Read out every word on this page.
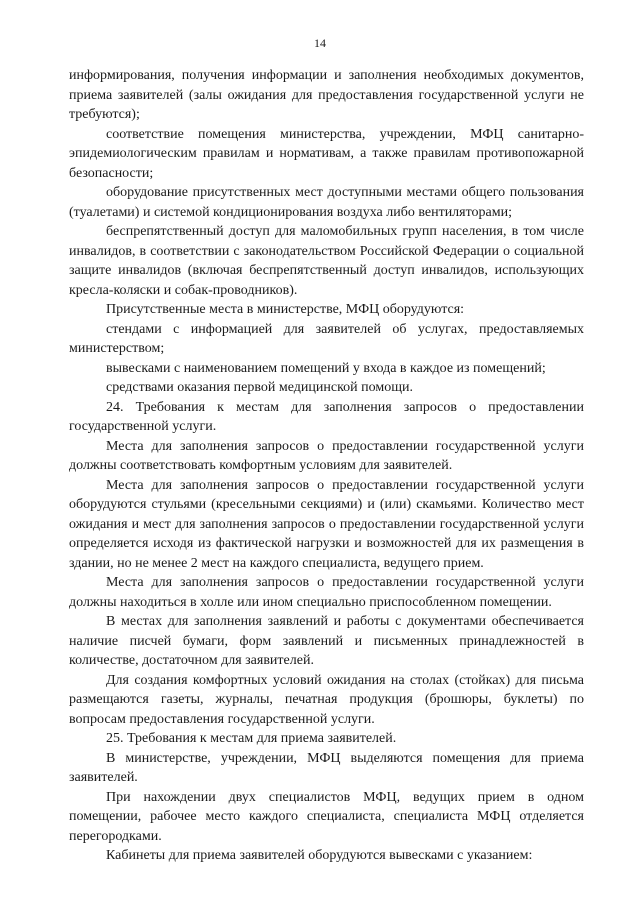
14

информирования, получения информации и заполнения необходимых документов, приема заявителей (залы ожидания для предоставления государственной услуги не требуются);

соответствие помещения министерства, учреждении, МФЦ санитарно-эпидемиологическим правилам и нормативам, а также правилам противопожарной безопасности;

оборудование присутственных мест доступными местами общего пользования (туалетами) и системой кондиционирования воздуха либо вентиляторами;

беспрепятственный доступ для маломобильных групп населения, в том числе инвалидов, в соответствии с законодательством Российской Федерации о социальной защите инвалидов (включая беспрепятственный доступ инвалидов, использующих кресла-коляски и собак-проводников).

Присутственные места в министерстве, МФЦ оборудуются:

стендами с информацией для заявителей об услугах, предоставляемых министерством;

вывесками с наименованием помещений у входа в каждое из помещений;

средствами оказания первой медицинской помощи.

24. Требования к местам для заполнения запросов о предоставлении государственной услуги.

Места для заполнения запросов о предоставлении государственной услуги должны соответствовать комфортным условиям для заявителей.

Места для заполнения запросов о предоставлении государственной услуги оборудуются стульями (кресельными секциями) и (или) скамьями. Количество мест ожидания и мест для заполнения запросов о предоставлении государственной услуги определяется исходя из фактической нагрузки и возможностей для их размещения в здании, но не менее 2 мест на каждого специалиста, ведущего прием.

Места для заполнения запросов о предоставлении государственной услуги должны находиться в холле или ином специально приспособленном помещении.

В местах для заполнения заявлений и работы с документами обеспечивается наличие писчей бумаги, форм заявлений и письменных принадлежностей в количестве, достаточном для заявителей.

Для создания комфортных условий ожидания на столах (стойках) для письма размещаются газеты, журналы, печатная продукция (брошюры, буклеты) по вопросам предоставления государственной услуги.

25. Требования к местам для приема заявителей.

В министерстве, учреждении, МФЦ выделяются помещения для приема заявителей.

При нахождении двух специалистов МФЦ, ведущих прием в одном помещении, рабочее место каждого специалиста, специалиста МФЦ отделяется перегородками.

Кабинеты для приема заявителей оборудуются вывесками с указанием:
